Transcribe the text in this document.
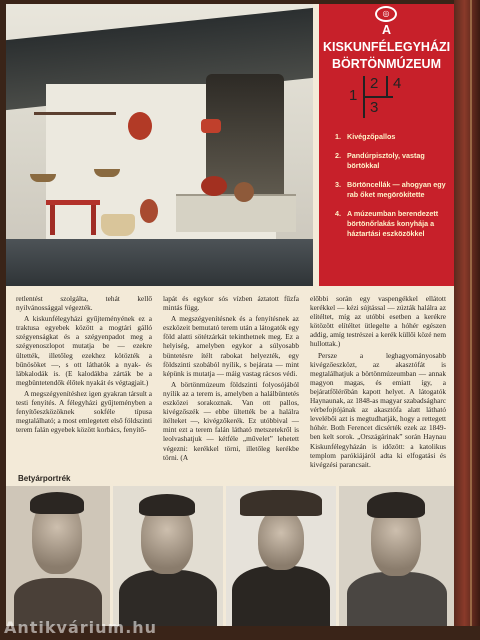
◎
A KISKUNFÉLEGYHÁZI
BÖRTÖNMÚZEUM
1
2
3
4
1. Kivégzőpallos
2. Pandúrpisztoly, vastag börtökkal
3. Börtöncellák — ahogyan egy rab őket megörökítette
4. A múzeumban berendezett börtönőrlakás konyhája a háztartási eszközökkel

retlentést szolgálta, tehát kellő nyilvánossággal végezték.

A kiskunfélegyházi gyűjteményének ez a traktusa egyebek között a mogtári gálló szégyenságkat és a szégyenpadot meg a szégyenoszlopot mutatja be — ezekre ültették, illetőleg ezekhez kötözték a bűnösöket —, s ott láthatók a nyak- és lábkalodák is. (E kalodákba zárták be a megbüntetendők élőtek nyakát és végtagjait.)

A megszégyenítéshez igen gyakran társult a testi fenyítés. A félegyházi gyűjteményben a fenyítőeszközöknek sokféle típusa megtalálható; a most emlegetett első földszinti terem falán egyebek között korbács, fenyítő-

lapát és egykor sós vízben áztatott fűzfa mintás függ.

A megszégyenítésnek és a fenyítésnek az eszközeit bemutató terem után a látogatók egy föld alatti sötétzárkát tekinthetnek meg. Ez a helyiség, amelyben egykor a súlyosabb büntetésre ítélt rabokat helyezték, egy földszinti szobából nyílik, s bejárata — mint képünk is mutatja — máig vastag rácsos védi.

A börtönmúzeum földszinti folyosójából nyílik az a terem is, amelyben a halálbüntetés eszközei sorakoznak. Van ott pallos, kivégzőszék — ebbe ültették be a halálra ítélteket —, kivégzőkerék. Ez utóbbival — mint ezt a terem falán látható metszetekről is leolvashatjuk — kétféle „művelet” lehetett végezni: kerékkel törni, illetőleg kerékbe törni. (A

előbbi során egy vaspengékkel ellátott kerékkel — kézi sújtással — zúzták halálra az elítéltet, míg az utóbbi esetben a kerékre kötözött elítéltet ütlegelte a hóhér egészen addig, amíg testrészei a kerék küllői közé nem hullottak.)

Persze a leghagyományosabb kivégzőeszközt, az akasztófát is megtalálhatjuk a börtönmúzeumban — annak magyon magas, és emiatt így, a bejáratfőlérőbán kapott helyet. A látogatók Haynaunak, az 1848-as magyar szabadságharc vérbefojtójának az akasztófa alatt látható levelébői azt is megtudhatják, hogy a rettegett hóhér. Both Ferencet dicsérték ezek az 1849-ben kelt sorok. „Országárinak” során Haynau Kiskunfélegyházán is időzött: a katolikus templom parókiájáról adta ki elfogatási és kivégzési parancsait.

Betyárportrék
Antikvárium.hu
